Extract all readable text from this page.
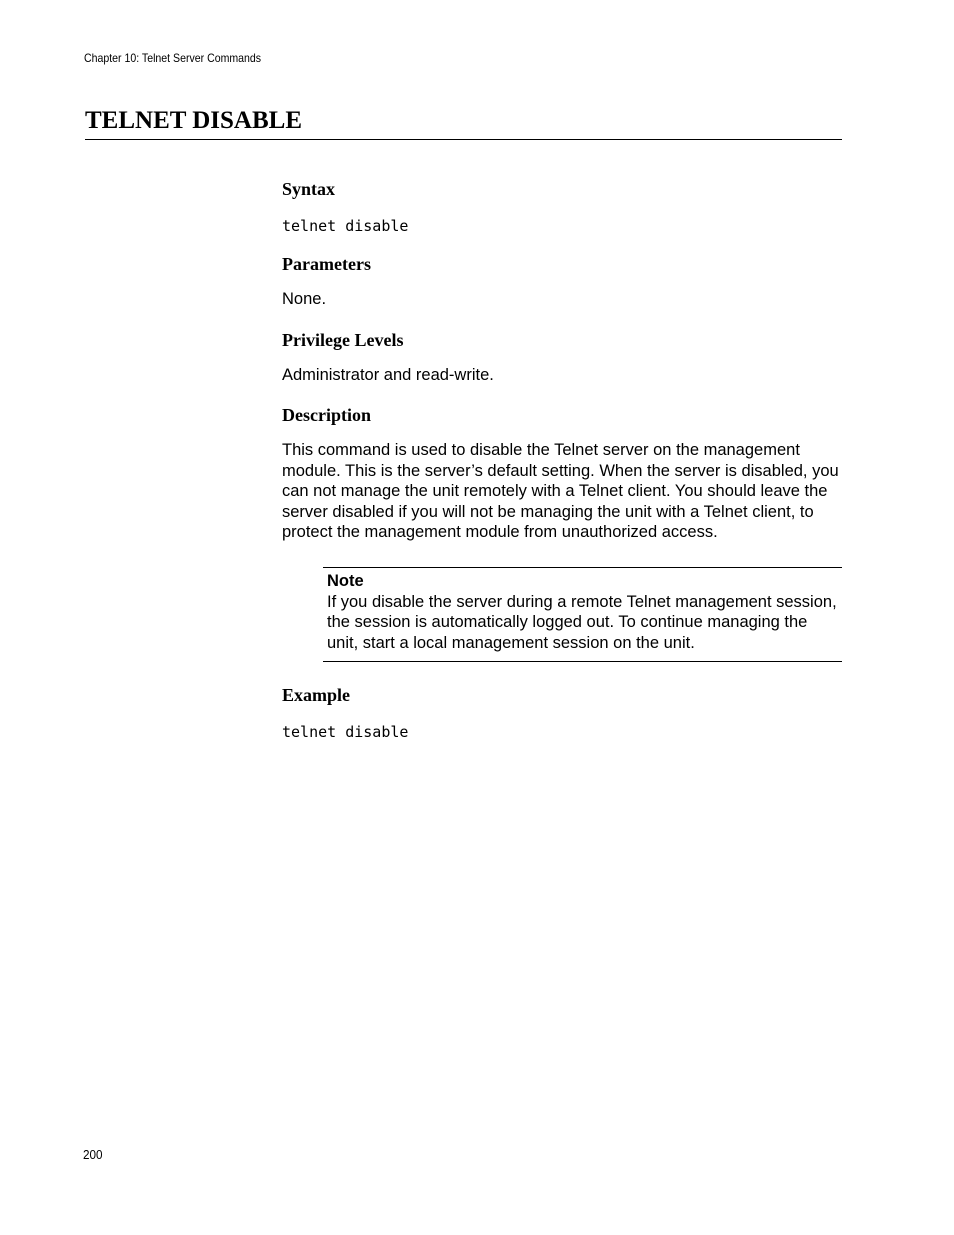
Chapter 10: Telnet Server Commands
TELNET DISABLE
Syntax
telnet disable
Parameters

None.

Privilege Levels

Administrator and read-write.

Description

This command is used to disable the Telnet server on the management module. This is the server’s default setting. When the server is disabled, you can not manage the unit remotely with a Telnet client. You should leave the server disabled if you will not be managing the unit with a Telnet client, to protect the management module from unauthorized access.

Note
If you disable the server during a remote Telnet management session, the session is automatically logged out. To continue managing the unit, start a local management session on the unit.
Example
telnet disable
200
